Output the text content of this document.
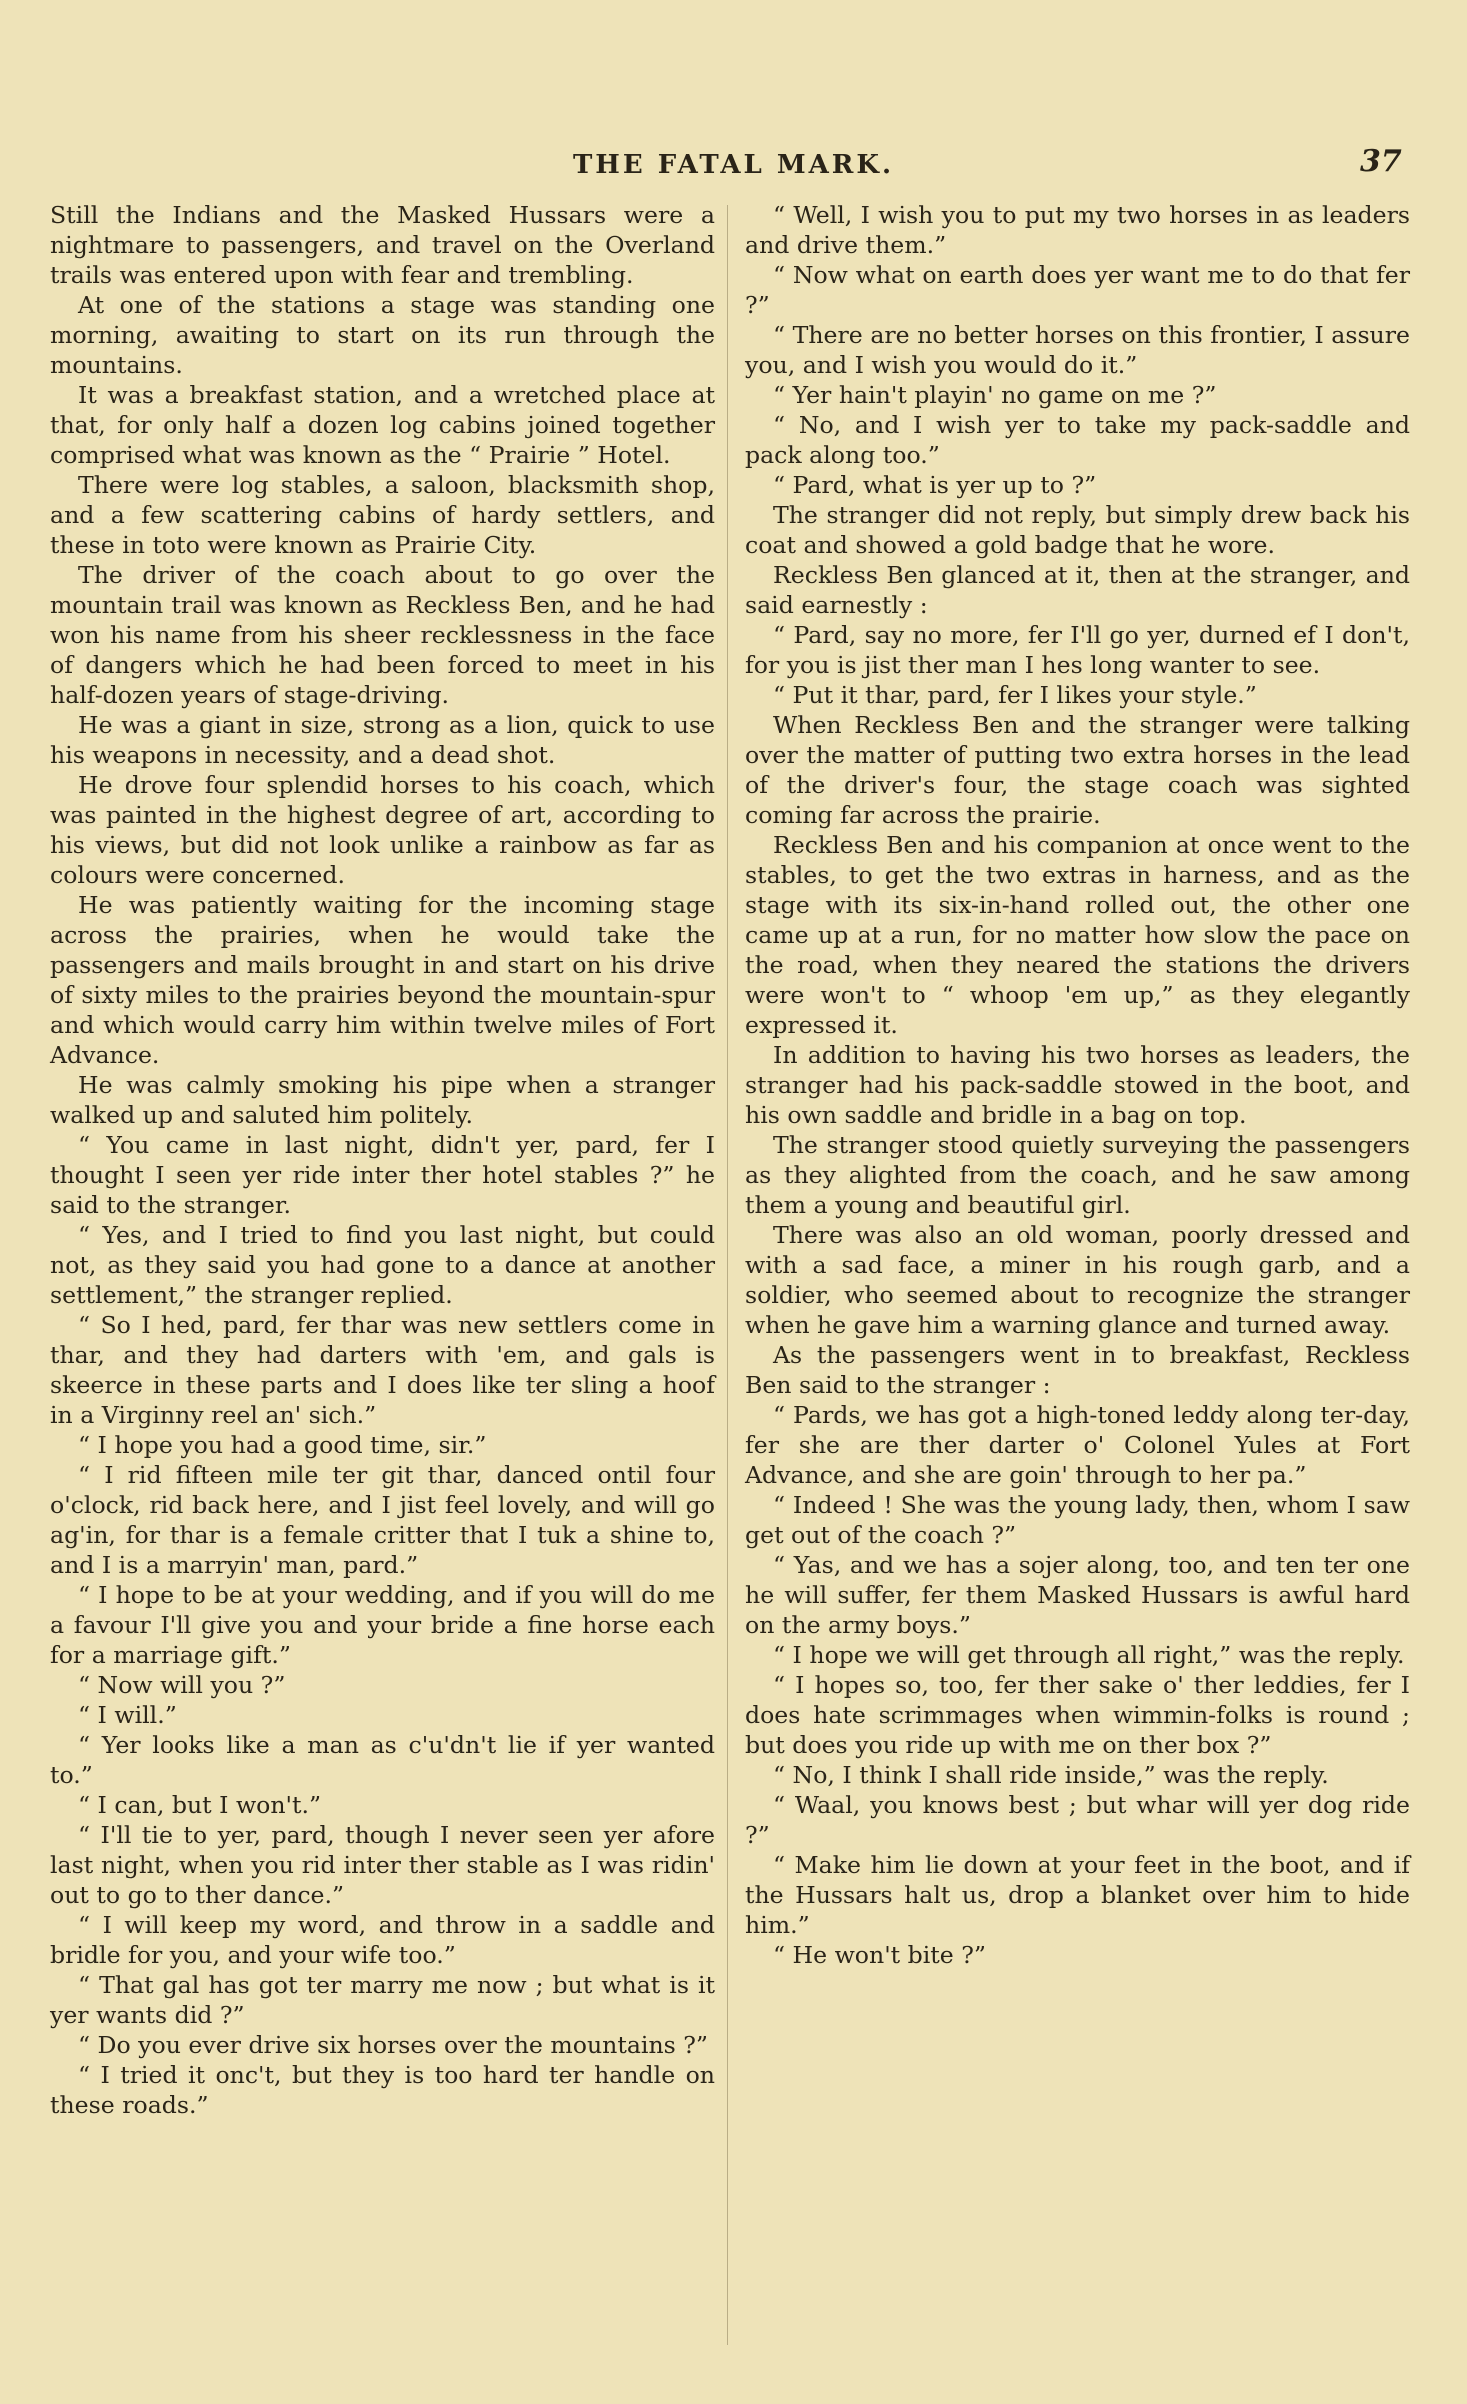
THE FATAL MARK.	37

Still the Indians and the Masked Hussars were a nightmare to passengers, and travel on the Overland trails was entered upon with fear and trembling.

At one of the stations a stage was standing one morning, awaiting to start on its run through the mountains.

It was a breakfast station, and a wretched place at that, for only half a dozen log cabins joined together comprised what was known as the “ Prairie ” Hotel.

There were log stables, a saloon, blacksmith shop, and a few scattering cabins of hardy settlers, and these in toto were known as Prairie City.

The driver of the coach about to go over the mountain trail was known as Reckless Ben, and he had won his name from his sheer recklessness in the face of dangers which he had been forced to meet in his half-dozen years of stage-driving.

He was a giant in size, strong as a lion, quick to use his weapons in necessity, and a dead shot.

He drove four splendid horses to his coach, which was painted in the highest degree of art, according to his views, but did not look unlike a rainbow as far as colours were concerned.

He was patiently waiting for the incoming stage across the prairies, when he would take the passengers and mails brought in and start on his drive of sixty miles to the prairies beyond the mountain-spur and which would carry him within twelve miles of Fort Advance.

He was calmly smoking his pipe when a stranger walked up and saluted him politely.

“ You came in last night, didn't yer, pard, fer I thought I seen yer ride inter ther hotel stables ?” he said to the stranger.

“ Yes, and I tried to find you last night, but could not, as they said you had gone to a dance at another settlement,” the stranger replied.

“ So I hed, pard, fer thar was new settlers come in thar, and they had darters with 'em, and gals is skeerce in these parts and I does like ter sling a hoof in a Virginny reel an' sich.”

“ I hope you had a good time, sir.”

“ I rid fifteen mile ter git thar, danced ontil four o'clock, rid back here, and I jist feel lovely, and will go ag'in, for thar is a female critter that I tuk a shine to, and I is a marryin' man, pard.”

“ I hope to be at your wedding, and if you will do me a favour I'll give you and your bride a fine horse each for a marriage gift.”

“ Now will you ?”

“ I will.”

“ Yer looks like a man as c'u'dn't lie if yer wanted to.”

“ I can, but I won't.”

“ I'll tie to yer, pard, though I never seen yer afore last night, when you rid inter ther stable as I was ridin' out to go to ther dance.”

“ I will keep my word, and throw in a saddle and bridle for you, and your wife too.”

“ That gal has got ter marry me now ; but what is it yer wants did ?”

“ Do you ever drive six horses over the mountains ?”

“ I tried it onc't, but they is too hard ter handle on these roads.”

“ Well, I wish you to put my two horses in as leaders and drive them.”

“ Now what on earth does yer want me to do that fer ?”

“ There are no better horses on this frontier, I assure you, and I wish you would do it.”

“ Yer hain't playin' no game on me ?”

“ No, and I wish yer to take my pack-saddle and pack along too.”

“ Pard, what is yer up to ?”

The stranger did not reply, but simply drew back his coat and showed a gold badge that he wore.

Reckless Ben glanced at it, then at the stranger, and said earnestly :

“ Pard, say no more, fer I'll go yer, durned ef I don't, for you is jist ther man I hes long wanter to see.

“ Put it thar, pard, fer I likes your style.”

When Reckless Ben and the stranger were talking over the matter of putting two extra horses in the lead of the driver's four, the stage coach was sighted coming far across the prairie.

Reckless Ben and his companion at once went to the stables, to get the two extras in harness, and as the stage with its six-in-hand rolled out, the other one came up at a run, for no matter how slow the pace on the road, when they neared the stations the drivers were won't to “ whoop 'em up,” as they elegantly expressed it.

In addition to having his two horses as leaders, the stranger had his pack-saddle stowed in the boot, and his own saddle and bridle in a bag on top.

The stranger stood quietly surveying the passengers as they alighted from the coach, and he saw among them a young and beautiful girl.

There was also an old woman, poorly dressed and with a sad face, a miner in his rough garb, and a soldier, who seemed about to recognize the stranger when he gave him a warning glance and turned away.

As the passengers went in to breakfast, Reckless Ben said to the stranger :

“ Pards, we has got a high-toned leddy along ter-day, fer she are ther darter o' Colonel Yules at Fort Advance, and she are goin' through to her pa.”

“ Indeed ! She was the young lady, then, whom I saw get out of the coach ?”

“ Yas, and we has a sojer along, too, and ten ter one he will suffer, fer them Masked Hussars is awful hard on the army boys.”

“ I hope we will get through all right,” was the reply.

“ I hopes so, too, fer ther sake o' ther leddies, fer I does hate scrimmages when wimmin-folks is round ; but does you ride up with me on ther box ?”

“ No, I think I shall ride inside,” was the reply.

“ Waal, you knows best ; but whar will yer dog ride ?”

“ Make him lie down at your feet in the boot, and if the Hussars halt us, drop a blanket over him to hide him.”

“ He won't bite ?”
